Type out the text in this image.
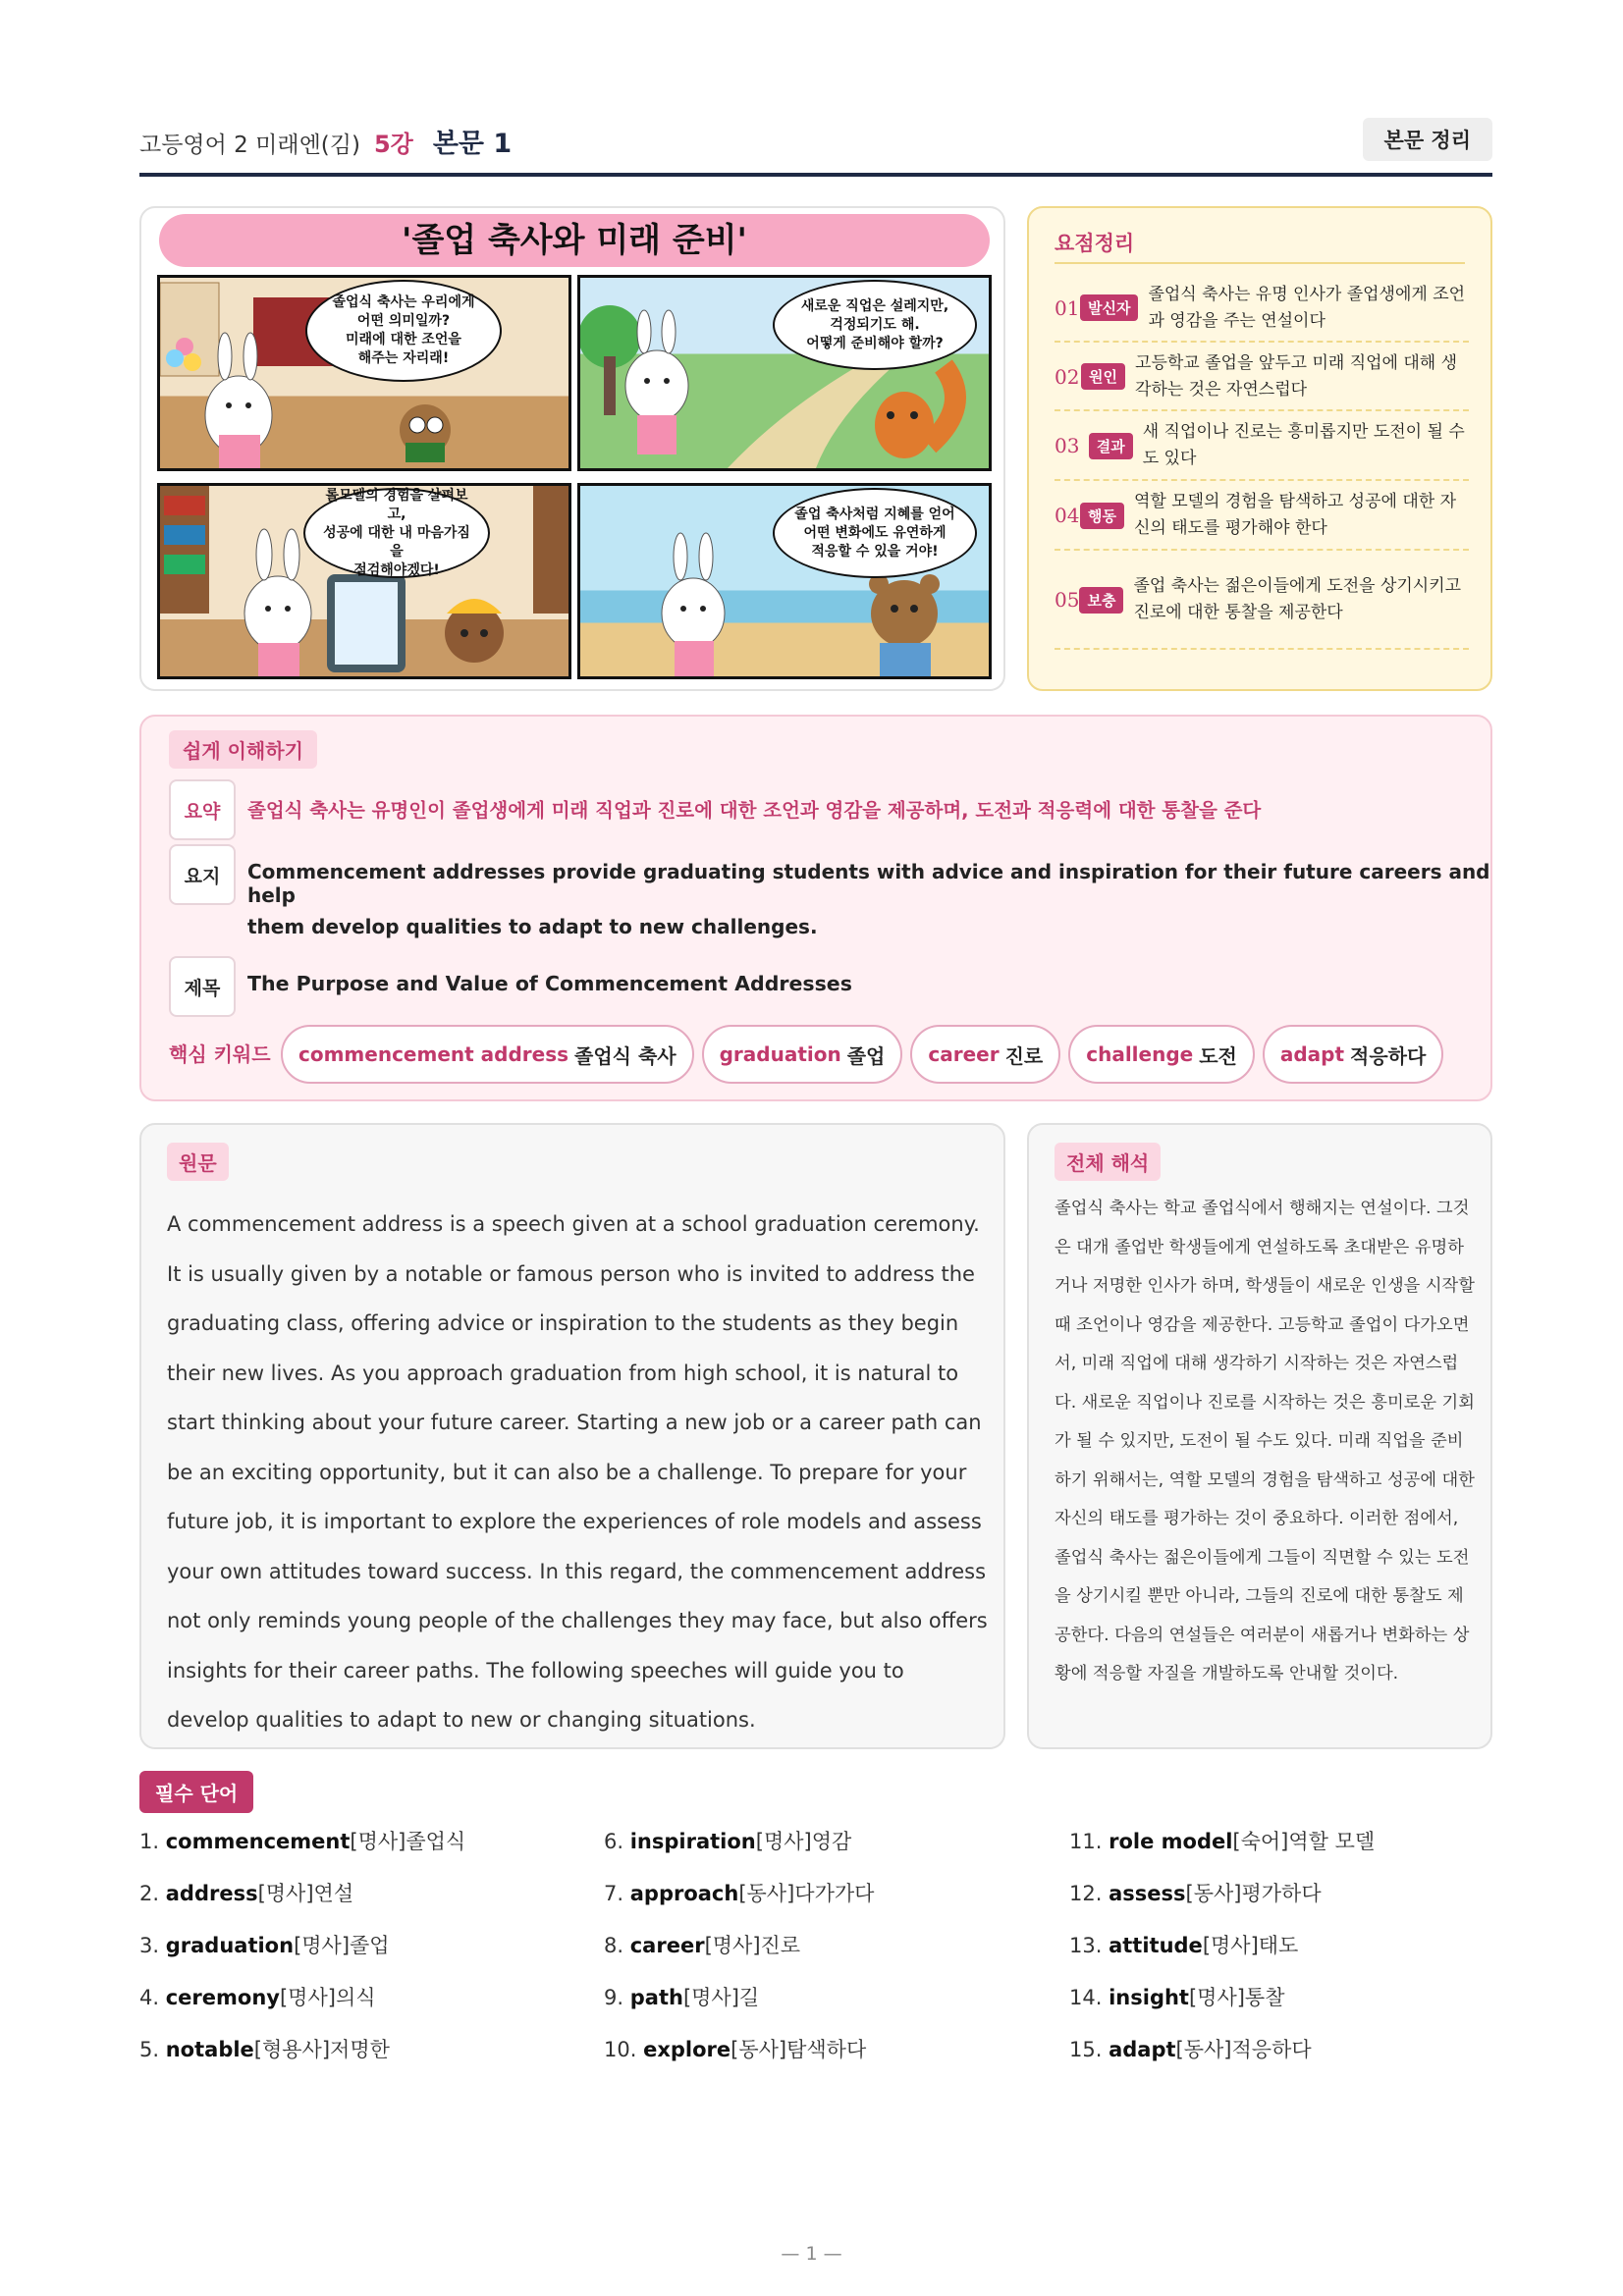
고등영어 2 미래엔(김) 5강 본문 1	본문 정리
'졸업 축사와 미래 준비'
졸업식 축사는 우리에게
어떤 의미일까?
미래에 대한 조언을
해주는 자리래!
새로운 직업은 설레지만,
걱정되기도 해.
어떻게 준비해야 할까?
롤모델의 경험을 살펴보고,
성공에 대한 내 마음가짐을
점검해야겠다!
졸업 축사처럼 지혜를 얻어
어떤 변화에도 유연하게
적응할 수 있을 거야!
요점정리
01 발신자
졸업식 축사는 유명 인사가 졸업생에게 조언과 영감을 주는 연설이다
02 원인
고등학교 졸업을 앞두고 미래 직업에 대해 생각하는 것은 자연스럽다
03	결과
새 직업이나 진로는 흥미롭지만 도전이 될 수도 있다
04 행동
역할 모델의 경험을 탐색하고 성공에 대한 자신의 태도를 평가해야 한다
05 보충
졸업 축사는 젊은이들에게 도전을 상기시키고 진로에 대한 통찰을 제공한다
쉽게 이해하기
요약	졸업식 축사는 유명인이 졸업생에게 미래 직업과 진로에 대한 조언과 영감을 제공하며, 도전과 적응력에 대한 통찰을 준다
요지	Commencement addresses provide graduating students with advice and inspiration for their future careers and help
them develop qualities to adapt to new challenges.
제목	The Purpose and Value of Commencement Addresses
핵심 키워드 commencement address 졸업식 축사 graduation 졸업 career 진로 challenge 도전 adapt 적응하다
원문
A commencement address is a speech given at a school graduation ceremony. It is usually given by a notable or famous person who is invited to address the graduating class, offering advice or inspiration to the students as they begin their new lives. As you approach graduation from high school, it is natural to start thinking about your future career. Starting a new job or a career path can be an exciting opportunity, but it can also be a challenge. To prepare for your future job, it is important to explore the experiences of role models and assess your own attitudes toward success. In this regard, the commencement address not only reminds young people of the challenges they may face, but also offers insights for their career paths. The following speeches will guide you to develop qualities to adapt to new or changing situations.
전체 해석
졸업식 축사는 학교 졸업식에서 행해지는 연설이다. 그것은 대개 졸업반 학생들에게 연설하도록 초대받은 유명하거나 저명한 인사가 하며, 학생들이 새로운 인생을 시작할 때 조언이나 영감을 제공한다. 고등학교 졸업이 다가오면서, 미래 직업에 대해 생각하기 시작하는 것은 자연스럽다. 새로운 직업이나 진로를 시작하는 것은 흥미로운 기회가 될 수 있지만, 도전이 될 수도 있다. 미래 직업을 준비하기 위해서는, 역할 모델의 경험을 탐색하고 성공에 대한 자신의 태도를 평가하는 것이 중요하다. 이러한 점에서, 졸업식 축사는 젊은이들에게 그들이 직면할 수 있는 도전을 상기시킬 뿐만 아니라, 그들의 진로에 대한 통찰도 제공한다. 다음의 연설들은 여러분이 새롭거나 변화하는 상황에 적응할 자질을 개발하도록 안내할 것이다.
필수 단어
1. commencement[명사]졸업식
2. address[명사]연설
3. graduation[명사]졸업
4. ceremony[명사]의식
5. notable[형용사]저명한
6. inspiration[명사]영감
7. approach[동사]다가가다
8. career[명사]진로
9. path[명사]길
10. explore[동사]탐색하다
11. role model[숙어]역할 모델
12. assess[동사]평가하다
13. attitude[명사]태도
14. insight[명사]통찰
15. adapt[동사]적응하다
— 1 —
